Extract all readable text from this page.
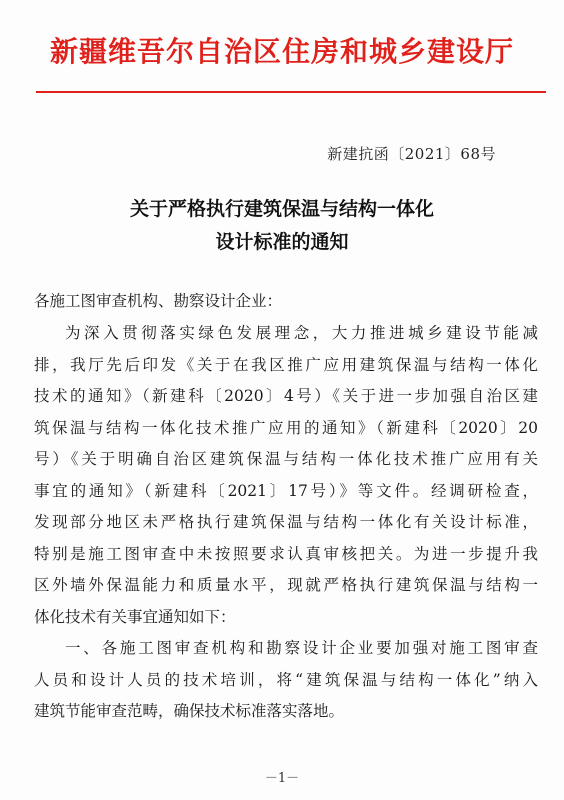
新疆维吾尔自治区住房和城乡建设厅
新建抗函〔2021〕68号
关于严格执行建筑保温与结构一体化
设计标准的通知
各施工图审查机构、勘察设计企业：
为深入贯彻落实绿色发展理念，大力推进城乡建设节能减
排，我厅先后印发《关于在我区推广应用建筑保温与结构一体化
技术的通知》（新建科〔2020〕4号）《关于进一步加强自治区建
筑保温与结构一体化技术推广应用的通知》（新建科〔2020〕20
号）《关于明确自治区建筑保温与结构一体化技术推广应用有关
事宜的通知》（新建科〔2021〕17号）》等文件。经调研检查，
发现部分地区未严格执行建筑保温与结构一体化有关设计标准，
特别是施工图审查中未按照要求认真审核把关。为进一步提升我
区外墙外保温能力和质量水平，现就严格执行建筑保温与结构一
体化技术有关事宜通知如下：
一、各施工图审查机构和勘察设计企业要加强对施工图审查
人员和设计人员的技术培训，将“建筑保温与结构一体化”纳入
建筑节能审查范畴，确保技术标准落实落地。
－1－
